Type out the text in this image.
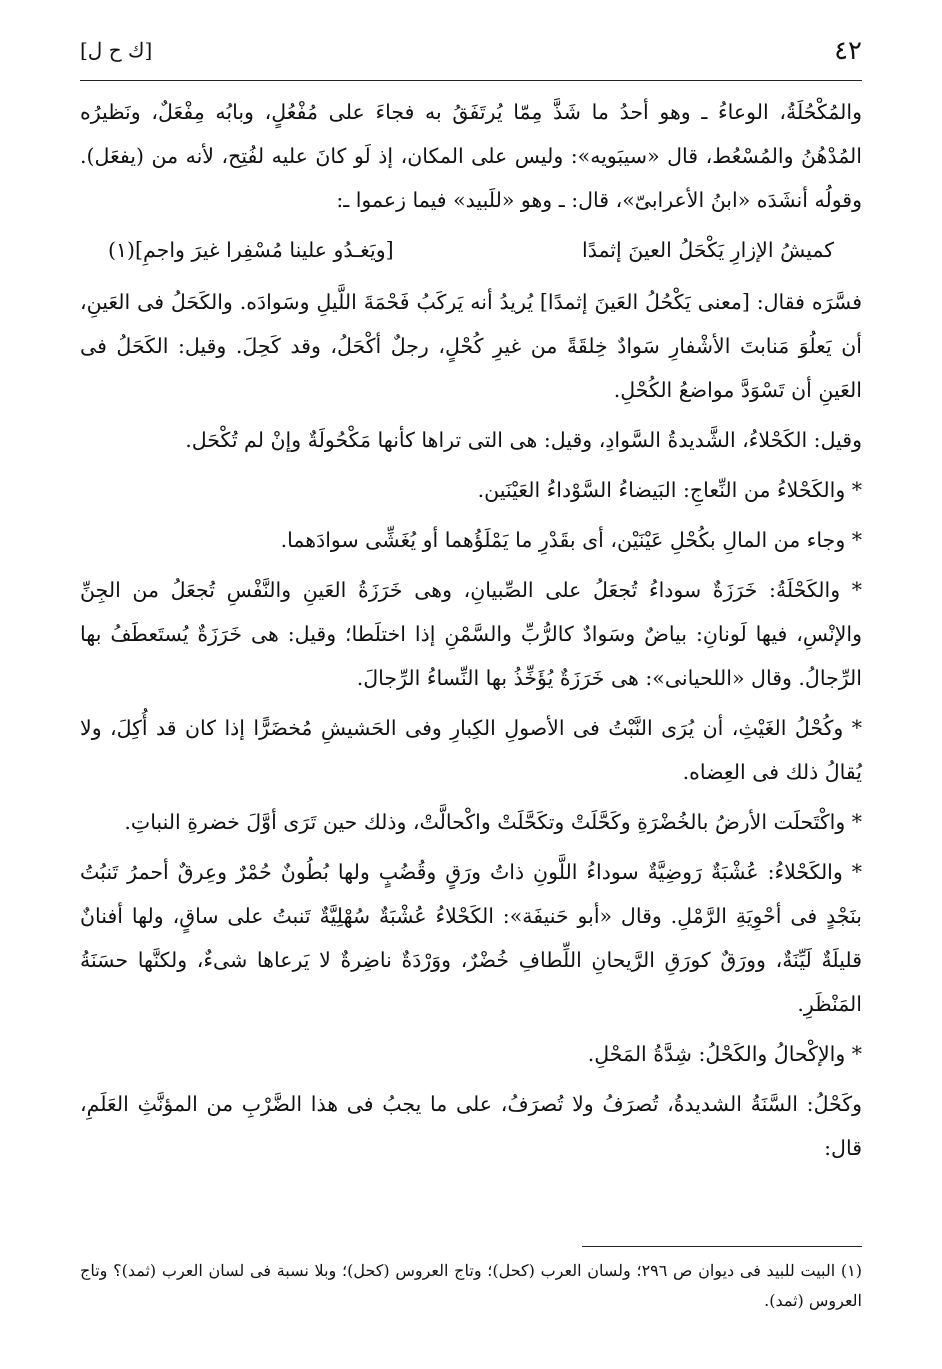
٤٢
[ك ح ل]

والمُكْحُلَةُ، الوعاءُ ـ وهو أحدُ ما شَذَّ مِمّا يُرتَفَقُ به فجاءَ على مُفْعُلٍ، وبابُه مِفْعَلٌ، ونَظيرُه المُدْهُنُ والمُسْعُط، قال «سيبَويه»: وليس على المكان، إذ لَو كانَ عليه لفُتِح، لأنه من (يفعَل). وقولُه أنشَدَه «ابنُ الأعرابىّ»، قال: ـ وهو «للَبيد» فيما زعموا ـ:

كميشُ الإزارِ يَكْحَلُ العينَ إثمدًا
[ويَغـدُو علينا مُسْفِرا غيرَ واجمِ](١)

فسَّرَه فقال: [معنى يَكْحُلُ العَينَ إثمدًا] يُريدُ أنه يَركَبُ فَحْمَةَ اللَّيلِ وسَوادَه. والكَحَلُ فى العَينِ، أن يَعلُوَ مَنابتَ الأشْفارِ سَوادٌ خِلقَةً من غيرِ كُحْلٍ، رجلٌ أكْحَلُ، وقد كَحِلَ. وقيل: الكَحَلُ فى العَينِ أن تَسْوَدَّ مواضعُ الكُحْلِ.

وقيل: الكَحْلاءُ، الشَّديدةُ السَّوادِ، وقيل: هى التى تراها كأنها مَكْحُولَةٌ وإنْ لم تُكْحَل.

* والكَحْلاءُ من النِّعاجِ: البَيضاءُ السَّوْداءُ العَيْنَين.

* وجاء من المالِ بكُحْلِ عَيْنَيْن، أى بقَدْرِ ما يَمْلَؤُهما أو يُغَشِّى سوادَهما.

* والكَحْلَةُ: خَرَزَةٌ سوداءُ تُجعَلُ على الصِّبيانِ، وهى خَرَزَةُ العَينِ والنَّفْسِ تُجعَلُ من الجِنِّ والإنْسِ، فيها لَونانِ: بياضٌ وسَوادٌ كالرُّبِّ والسَّمْنِ إذا اختلَطا؛ وقيل: هى خَرَزَةٌ يُستَعطَفُ بها الرِّجالُ. وقال «اللحيانى»: هى خَرَزَةٌ يُؤَخِّذُ بها النِّساءُ الرِّجالَ.

* وكُحْلُ الغَيْثِ، أن يُرَى النَّبْتُ فى الأصولِ الكِبارِ وفى الحَشيشِ مُخضَرًّا إذا كان قد أُكِلَ، ولا يُقالُ ذلك فى العِضاه.

* واكْتَحلَت الأرضُ بالخُضْرَةِ وكَحَّلَتْ وتكَحَّلَتْ واكْحالَّتْ، وذلك حين تَرَى أوَّلَ خضرةِ النباتِ.

* والكَحْلاءُ: عُشْبَةٌ رَوضِيَّةٌ سوداءُ اللَّونِ ذاتُ ورَقٍ وقُضُبٍ ولها بُطُونٌ حُمْرٌ وعِرقٌ أحمرُ تَنبُتُ بنَجْدٍ فى أحْوِيَةِ الرَّمْلِ. وقال «أبو حَنيفَة»: الكَحْلاءُ عُشْبَةٌ سُهْلِيَّةٌ تَنبتُ على ساقٍ، ولها أفنانٌ قليلَةٌ لَيِّنَةٌ، وورَقٌ كورَقِ الرَّيحانِ اللِّطافِ خُضْرٌ، ووَرْدَةٌ ناضِرةٌ لا يَرعاها شىءٌ، ولكنَّها حسَنَةُ المَنْظَرِ.

* والإكْحالُ والكَحْلُ: شِدَّةُ المَحْلِ.

وكَحْلُ: السَّنَةُ الشديدةُ، تُصرَفُ ولا تُصرَفُ، على ما يجبُ فى هذا الضَّرْبِ من المؤنَّثِ العَلَمِ، قال:

(١) البيت للبيد فى ديوان ص ٢٩٦؛ ولسان العرب (كحل)؛ وتاج العروس (كحل)؛ وبلا نسبة فى لسان العرب (ثمد)؟ وتاج العروس (ثمد).
